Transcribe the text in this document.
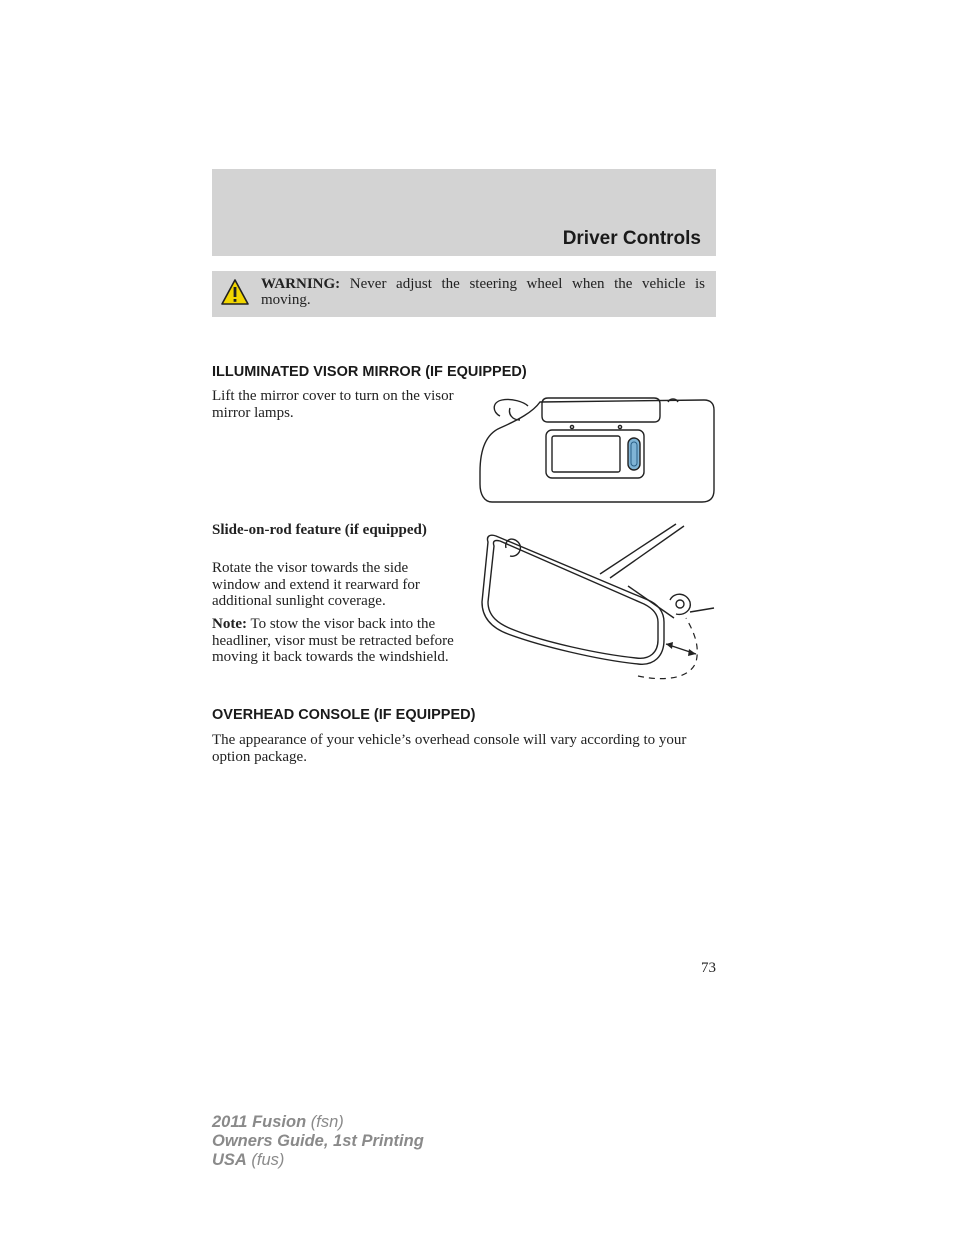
Driver Controls
WARNING: Never adjust the steering wheel when the vehicle is moving.
ILLUMINATED VISOR MIRROR (IF EQUIPPED)

Lift the mirror cover to turn on the visor mirror lamps.

Slide-on-rod feature (if equipped)

Rotate the visor towards the side window and extend it rearward for additional sunlight coverage.

Note: To stow the visor back into the headliner, visor must be retracted before moving it back towards the windshield.

OVERHEAD CONSOLE (IF EQUIPPED)

The appearance of your vehicle’s overhead console will vary according to your option package.

73
2011 Fusion (fsn)
Owners Guide, 1st Printing
USA (fus)
